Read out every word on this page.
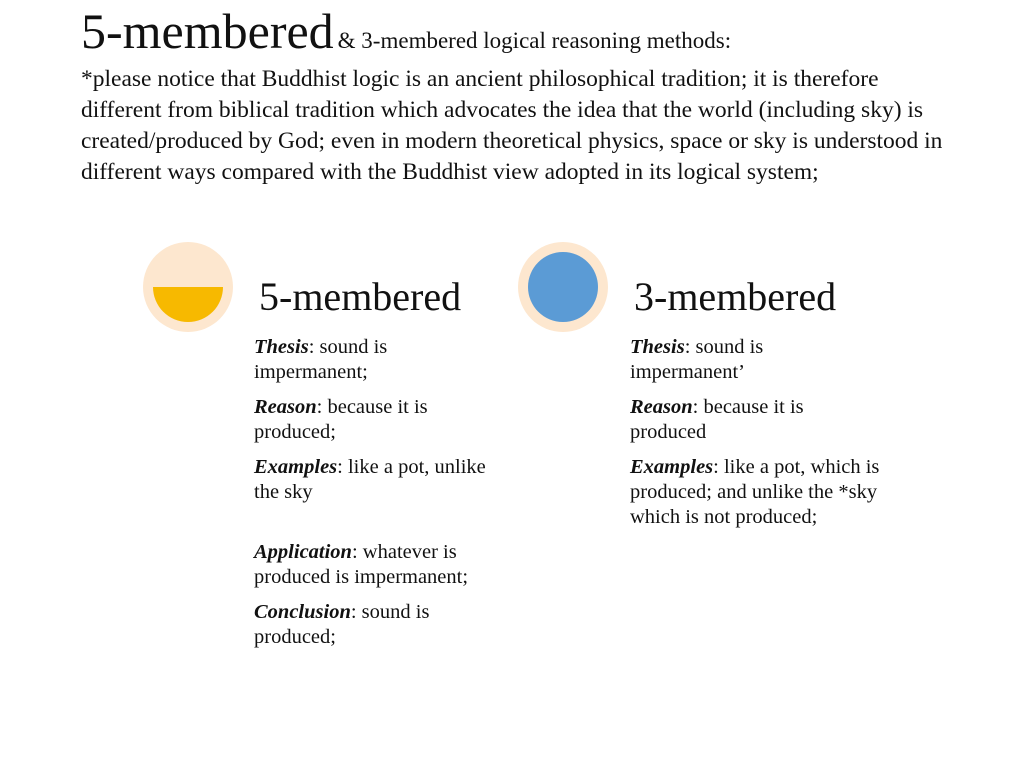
5-membered & 3-membered logical reasoning methods:

*please notice that Buddhist logic is an ancient philosophical tradition; it is therefore different from biblical tradition which advocates the idea that the world (including sky) is created/produced by God; even in modern theoretical physics, space or sky is understood in different ways compared with the Buddhist view adopted in its logical system;

5-membered
Thesis: sound is impermanent;
Reason: because it is produced;
Examples: like a pot, unlike the sky
Application: whatever is produced is impermanent;
Conclusion: sound is produced;
3-membered
Thesis: sound is impermanent’
Reason: because it is produced
Examples: like a pot, which is produced; and unlike the *sky which is not produced;
